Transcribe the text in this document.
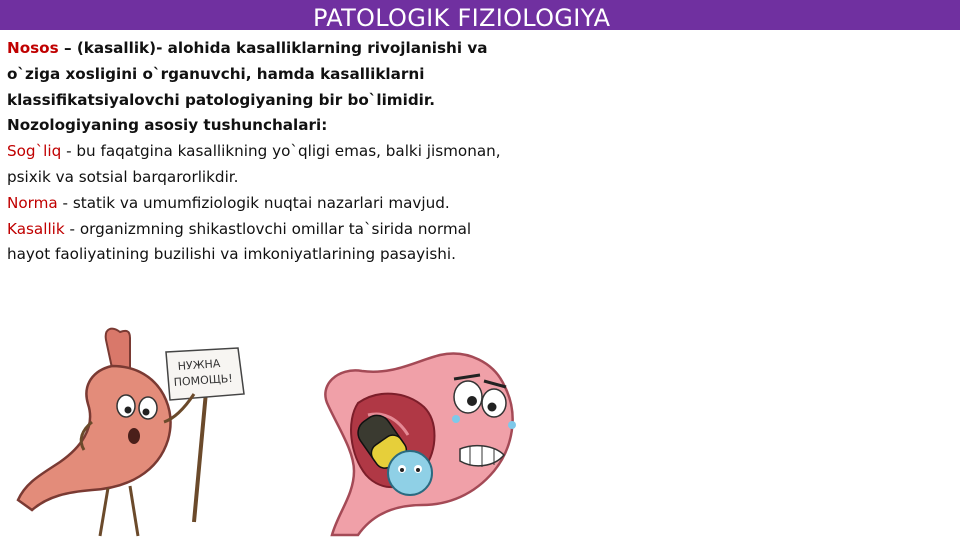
PATOLOGIK FIZIOLOGIYA

Nosos – (kasallik)- alohida kasalliklarning rivojlanishi va o`ziga xosligini o`rganuvchi, hamda kasalliklarni klassifikatsiyalovchi patologiyaning bir bo`limidir.

Nozologiyaning asosiy tushunchalari:

Sog`liq - bu faqatgina kasallikning yo`qligi emas, balki jismonan, psixik va sotsial barqarorlikdir.

Norma - statik va umumfiziologik nuqtai nazarlari mavjud.

Kasallik - organizmning shikastlovchi omillar ta`sirida normal hayot faoliyatining buzilishi va imkoniyatlarining pasayishi.

НУЖНА
ПОМОЩЬ!
